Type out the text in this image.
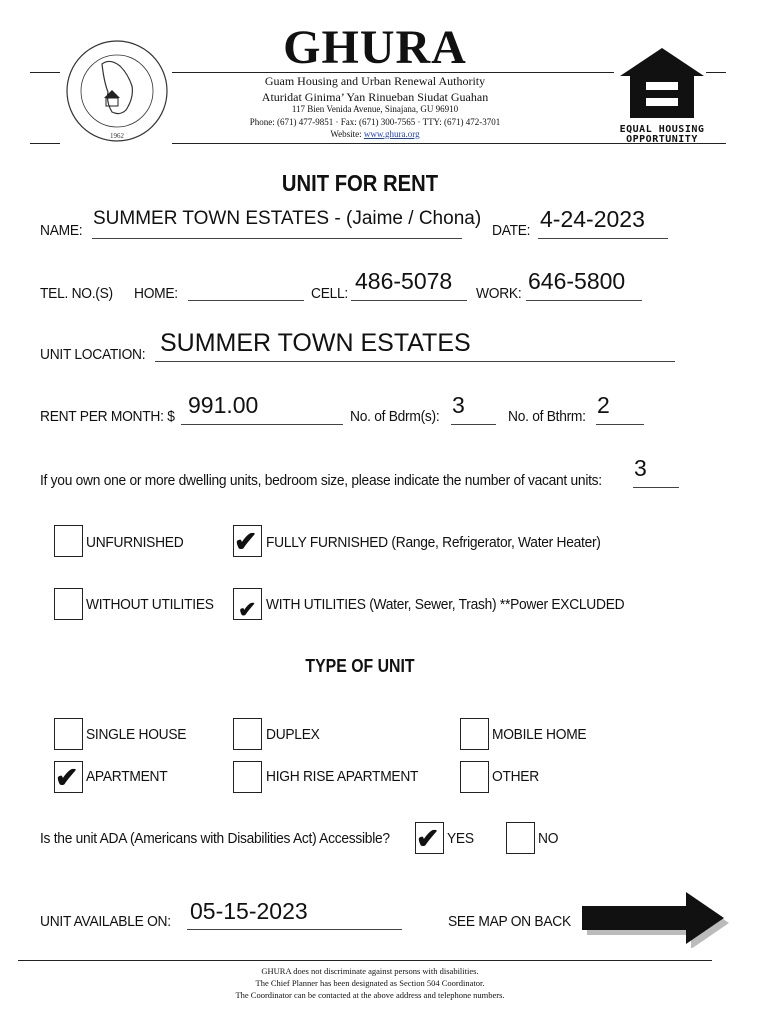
1962
GHURA
Guam Housing and Urban Renewal Authority
Aturidat Ginima’ Yan Rinueban Siudat Guahan
117 Bien Venida Avenue, Sinajana, GU 96910
Phone: (671) 477-9851 · Fax: (671) 300-7565 · TTY: (671) 472-3701
Website: www.ghura.org	EQUAL HOUSING
OPPORTUNITY
UNIT FOR RENT
NAME:
SUMMER TOWN ESTATES - (Jaime / Chona)
DATE: 4-24-2023
TEL. NO.(S) HOME:	CELL: 486-5078 WORK: 646-5800
UNIT LOCATION: SUMMER TOWN ESTATES
RENT PER MONTH: $ 991.00	No. of Bdrm(s): 3	No. of Bthrm: 2
If you own one or more dwelling units, bedroom size, please indicate the number of vacant units: 3
UNFURNISHED ✔ FULLY FURNISHED (Range, Refrigerator, Water Heater)
WITHOUT UTILITIES ✔ WITH UTILITIES (Water, Sewer, Trash) **Power EXCLUDED
TYPE OF UNIT
SINGLE HOUSE	DUPLEX	MOBILE HOME
✔ APARTMENT	HIGH RISE APARTMENT	OTHER
Is the unit ADA (Americans with Disabilities Act) Accessible? ✔ YES	NO
UNIT AVAILABLE ON: 05-15-2023	SEE MAP ON BACK
GHURA does not discriminate against persons with disabilities.
The Chief Planner has been designated as Section 504 Coordinator.
The Coordinator can be contacted at the above address and telephone numbers.
